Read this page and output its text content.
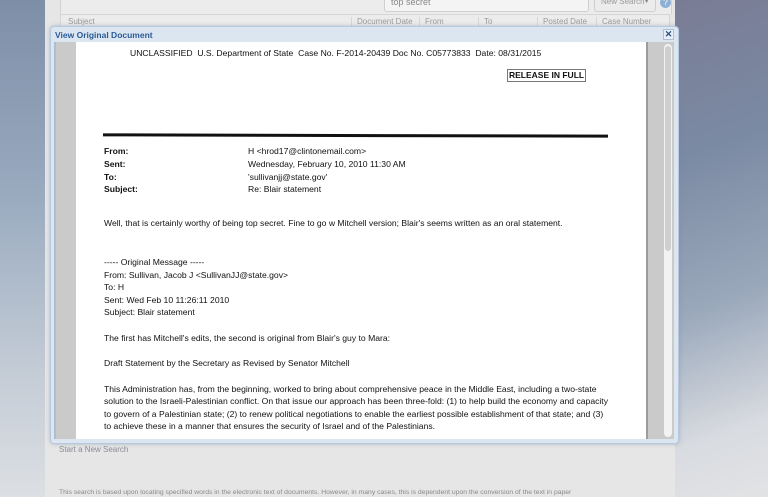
top secret	New Search
▼	?
Subject	Document Date	From	To	Posted Date	Case Number
View Original Document	✕
UNCLASSIFIED  U.S. Department of State  Case No. F-2014-20439 Doc No. C05773833  Date: 08/31/2015
RELEASE IN FULL
From:	H <hrod17@clintonemail.com>
Sent:	Wednesday, February 10, 2010 11:30 AM
To:	'sullivanjj@state.gov'
Subject:	Re: Blair statement
Well, that is certainly worthy of being top secret. Fine to go w Mitchell version; Blair's seems written as an oral statement.
----- Original Message -----
From: Sullivan, Jacob J <SullivanJJ@state.gov>
To: H
Sent: Wed Feb 10 11:26:11 2010
Subject: Blair statement
The first has Mitchell's edits, the second is original from Blair's guy to Mara:
Draft Statement by the Secretary as Revised by Senator Mitchell
This Administration has, from the beginning, worked to bring about comprehensive peace in the Middle East, including a two-state solution to the Israeli-Palestinian conflict. On that issue our approach has been three-fold: (1) to help build the economy and capacity to govern of a Palestinian state; (2) to renew political negotiations to enable the earliest possible establishment of that state; and (3) to achieve these in a manner that ensures the security of Israel and of the Palestinians.
Start a New Search
This search is based upon locating specified words in the electronic text of documents. However, in many cases, this is dependent upon the conversion of the text in paper
